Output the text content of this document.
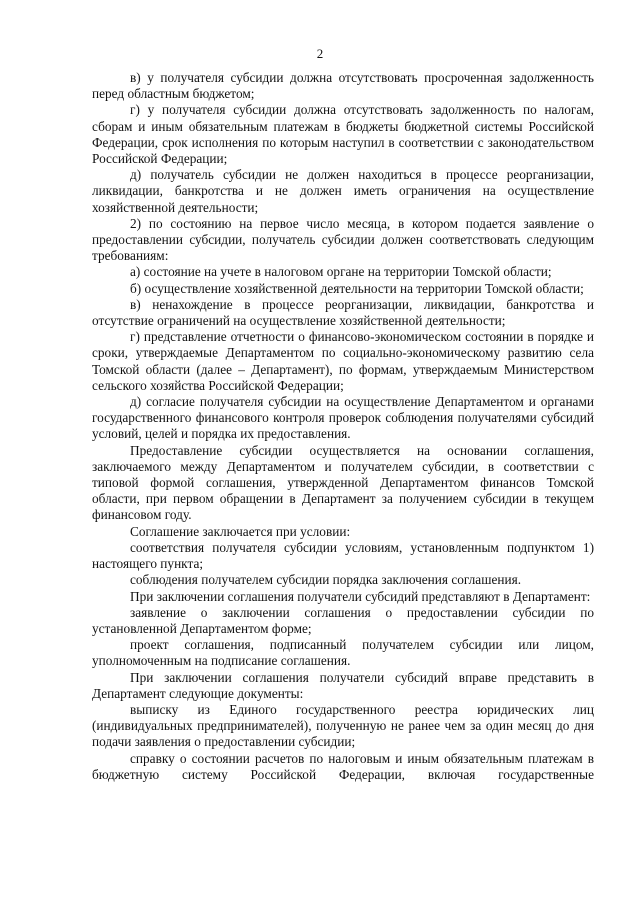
2

в) у получателя субсидии должна отсутствовать просроченная задолженность перед областным бюджетом;

г) у получателя субсидии должна отсутствовать задолженность по налогам, сборам и иным обязательным платежам в бюджеты бюджетной системы Российской Федерации, срок исполнения по которым наступил в соответствии с законодательством Российской Федерации;

д) получатель субсидии не должен находиться в процессе реорганизации, ликвидации, банкротства и не должен иметь ограничения на осуществление хозяйственной деятельности;

2) по состоянию на первое число месяца, в котором подается заявление о предоставлении субсидии, получатель субсидии должен соответствовать следующим требованиям:

а) состояние на учете в налоговом органе на территории Томской области;

б) осуществление хозяйственной деятельности на территории Томской области;

в) ненахождение в процессе реорганизации, ликвидации, банкротства и отсутствие ограничений на осуществление хозяйственной деятельности;

г) представление отчетности о финансово-экономическом состоянии в порядке и сроки, утверждаемые Департаментом по социально-экономическому развитию села Томской области (далее – Департамент), по формам, утверждаемым Министерством сельского хозяйства Российской Федерации;

д) согласие получателя субсидии на осуществление Департаментом и органами государственного финансового контроля проверок соблюдения получателями субсидий условий, целей и порядка их предоставления.

Предоставление субсидии осуществляется на основании соглашения, заключаемого между Департаментом и получателем субсидии, в соответствии с типовой формой соглашения, утвержденной Департаментом финансов Томской области, при первом обращении в Департамент за получением субсидии в текущем финансовом году.

Соглашение заключается при условии:

соответствия получателя субсидии условиям, установленным подпунктом 1) настоящего пункта;

соблюдения получателем субсидии порядка заключения соглашения.

При заключении соглашения получатели субсидий представляют в Департамент:

заявление о заключении соглашения о предоставлении субсидии по установленной Департаментом форме;

проект соглашения, подписанный получателем субсидии или лицом, уполномоченным на подписание соглашения.

При заключении соглашения получатели субсидий вправе представить в Департамент следующие документы:

выписку из Единого государственного реестра юридических лиц (индивидуальных предпринимателей), полученную не ранее чем за один месяц до дня подачи заявления о предоставлении субсидии;

справку о состоянии расчетов по налоговым и иным обязательным платежам в бюджетную систему Российской Федерации, включая государственные
